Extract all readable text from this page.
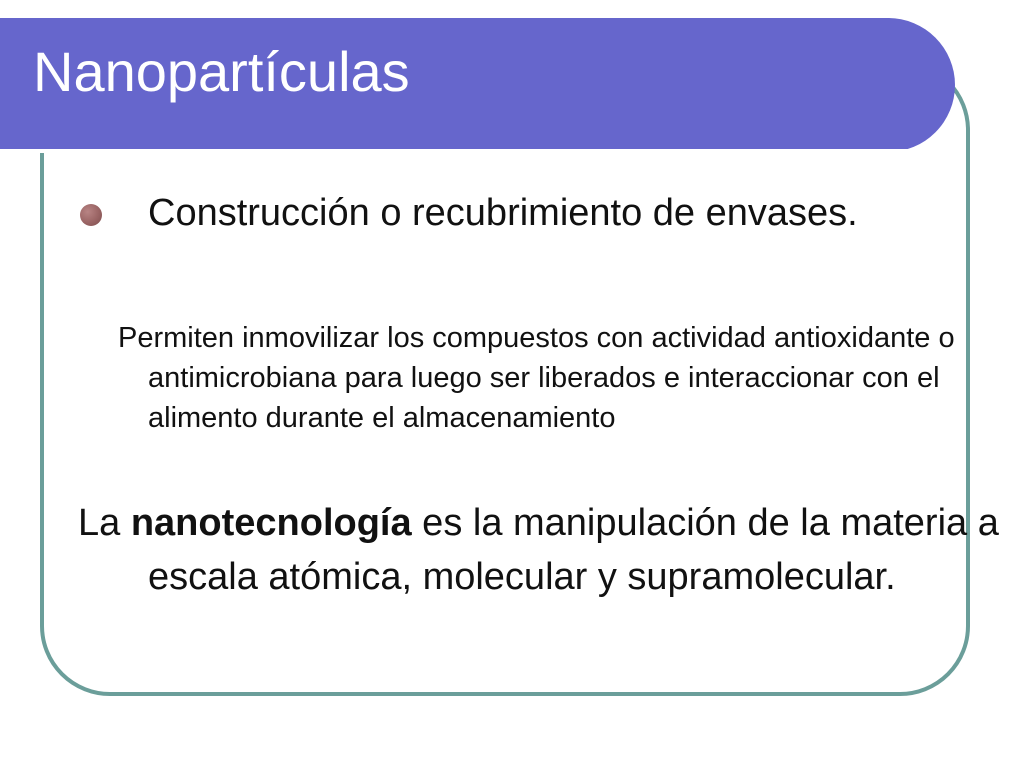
Nanopartículas
Construcción o recubrimiento de envases.
Permiten inmovilizar los compuestos con actividad antioxidante o antimicrobiana para luego ser liberados e interaccionar con el alimento durante el almacenamiento
La nanotecnología es la manipulación de la materia a escala atómica, molecular y supramolecular.
